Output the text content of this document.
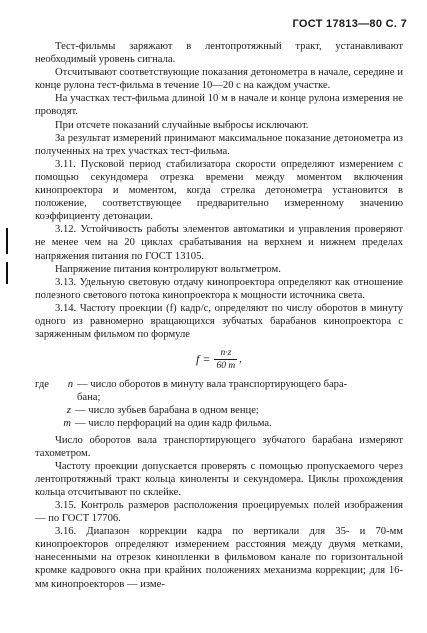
ГОСТ 17813—80 С. 7

Тест-фильмы заряжают в лентопротяжный тракт, устанавливают необходимый уровень сигнала.

Отсчитывают соответствующие показания детонометра в начале, середине и конце рулона тест-фильма в течение 10—20 с на каждом участке.

На участках тест-фильма длиной 10 м в начале и конце рулона измерения не проводят.

При отсчете показаний случайные выбросы исключают.

За результат измерений принимают максимальное показание детонометра из полученных на трех участках тест-фильма.

3.11. Пусковой период стабилизатора скорости определяют измерением с помощью секундомера отрезка времени между моментом включения кинопроектора и моментом, когда стрелка детонометра установится в положение, соответствующее предварительно измеренному значению коэффициенту детонации.

3.12. Устойчивость работы элементов автоматики и управления проверяют не менее чем на 20 циклах срабатывания на верхнем и нижнем пределах напряжения питания по ГОСТ 13105.

Напряжение питания контролируют вольтметром.

3.13. Удельную световую отдачу кинопроектора определяют как отношение полезного светового потока кинопроектора к мощности источника света.

3.14. Частоту проекции (f) кадр/с, определяют по числу оборотов в минуту одного из равномерно вращающихся зубчатых барабанов кинопроектора с заряженным фильмом по формуле

$f = \frac{n\cdot z}{60 m}$ ,
где	n — число оборотов в минуту вала транспортирующего бара-
бана;
z — число зубьев барабана в одном венце;
m — число перфораций на один кадр фильма.

Число оборотов вала транспортирующего зубчатого барабана измеряют тахометром.

Частоту проекции допускается проверять с помощью пропускаемого через лентопротяжный тракт кольца киноленты и секундомера. Циклы прохождения кольца отсчитывают по склейке.

3.15. Контроль размеров расположения проецируемых полей изображения — по ГОСТ 17706.

3.16. Диапазон коррекции кадра по вертикали для 35- и 70-мм кинопроекторов определяют измерением расстояния между двумя метками, нанесенными на отрезок кинопленки в фильмовом канале по горизонтальной кромке кадрового окна при крайних положениях механизма коррекции; для 16-мм кинопроекторов — изме-
